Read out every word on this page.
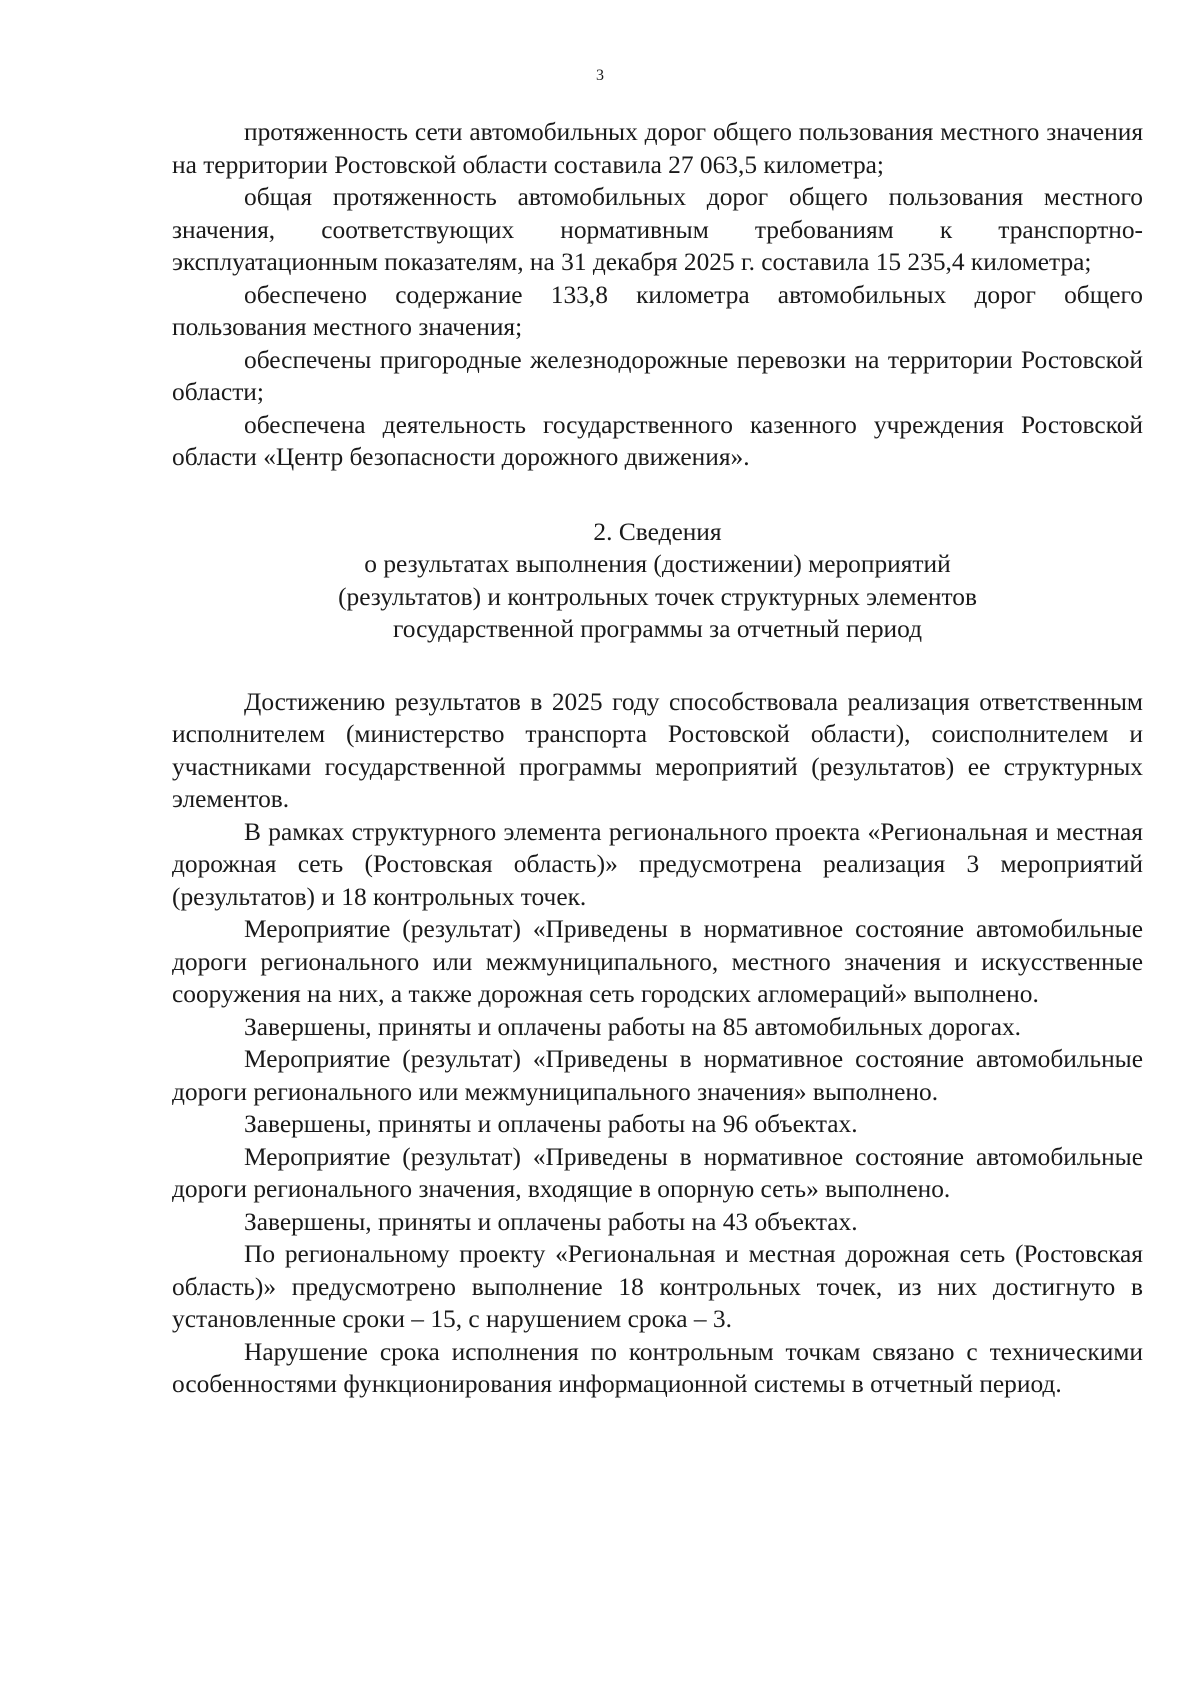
3

протяженность сети автомобильных дорог общего пользования местного значения на территории Ростовской области составила 27 063,5 километра;

общая протяженность автомобильных дорог общего пользования местного значения, соответствующих нормативным требованиям к транспортно-эксплуатационным показателям, на 31 декабря 2025 г. составила 15 235,4 километра;

обеспечено содержание 133,8 километра автомобильных дорог общего пользования местного значения;

обеспечены пригородные железнодорожные перевозки на территории Ростовской области;

обеспечена деятельность государственного казенного учреждения Ростовской области «Центр безопасности дорожного движения».

2. Сведения
о результатах выполнения (достижении) мероприятий
(результатов) и контрольных точек структурных элементов
государственной программы за отчетный период

Достижению результатов в 2025 году способствовала реализация ответственным исполнителем (министерство транспорта Ростовской области), соисполнителем и участниками государственной программы мероприятий (результатов) ее структурных элементов.

В рамках структурного элемента регионального проекта «Региональная и местная дорожная сеть (Ростовская область)» предусмотрена реализация 3 мероприятий (результатов) и 18 контрольных точек.

Мероприятие (результат) «Приведены в нормативное состояние автомобильные дороги регионального или межмуниципального, местного значения и искусственные сооружения на них, а также дорожная сеть городских агломераций» выполнено.

Завершены, приняты и оплачены работы на 85 автомобильных дорогах.

Мероприятие (результат) «Приведены в нормативное состояние автомобильные дороги регионального или межмуниципального значения» выполнено.

Завершены, приняты и оплачены работы на 96 объектах.

Мероприятие (результат) «Приведены в нормативное состояние автомобильные дороги регионального значения, входящие в опорную сеть» выполнено.

Завершены, приняты и оплачены работы на 43 объектах.

По региональному проекту «Региональная и местная дорожная сеть (Ростовская область)» предусмотрено выполнение 18 контрольных точек, из них достигнуто в установленные сроки – 15, с нарушением срока – 3.

Нарушение срока исполнения по контрольным точкам связано с техническими особенностями функционирования информационной системы в отчетный период.
